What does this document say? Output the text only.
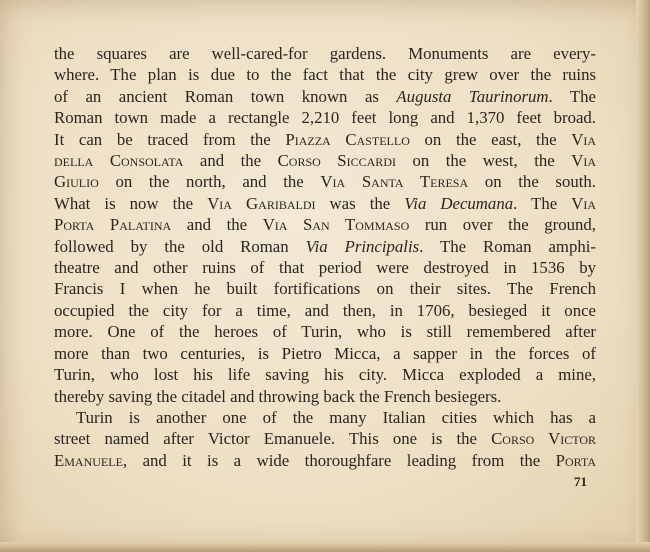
the squares are well-cared-for gardens. Monuments are every-
where. The plan is due to the fact that the city grew over the ruins
of an ancient Roman town known as Augusta Taurinorum. The
Roman town made a rectangle 2,210 feet long and 1,370 feet broad.
It can be traced from the Piazza Castello on the east, the Via
della Consolata and the Corso Siccardi on the west, the Via
Giulio on the north, and the Via Santa Teresa on the south.
What is now the Via Garibaldi was the Via Decumana. The Via
Porta Palatina and the Via San Tommaso run over the ground,
followed by the old Roman Via Principalis. The Roman amphi-
theatre and other ruins of that period were destroyed in 1536 by
Francis I when he built fortifications on their sites. The French
occupied the city for a time, and then, in 1706, besieged it once
more. One of the heroes of Turin, who is still remembered after
more than two centuries, is Pietro Micca, a sapper in the forces of
Turin, who lost his life saving his city. Micca exploded a mine,
thereby saving the citadel and throwing back the French besiegers.
Turin is another one of the many Italian cities which has a
street named after Victor Emanuele. This one is the Corso Victor
Emanuele, and it is a wide thoroughfare leading from the Porta
71
